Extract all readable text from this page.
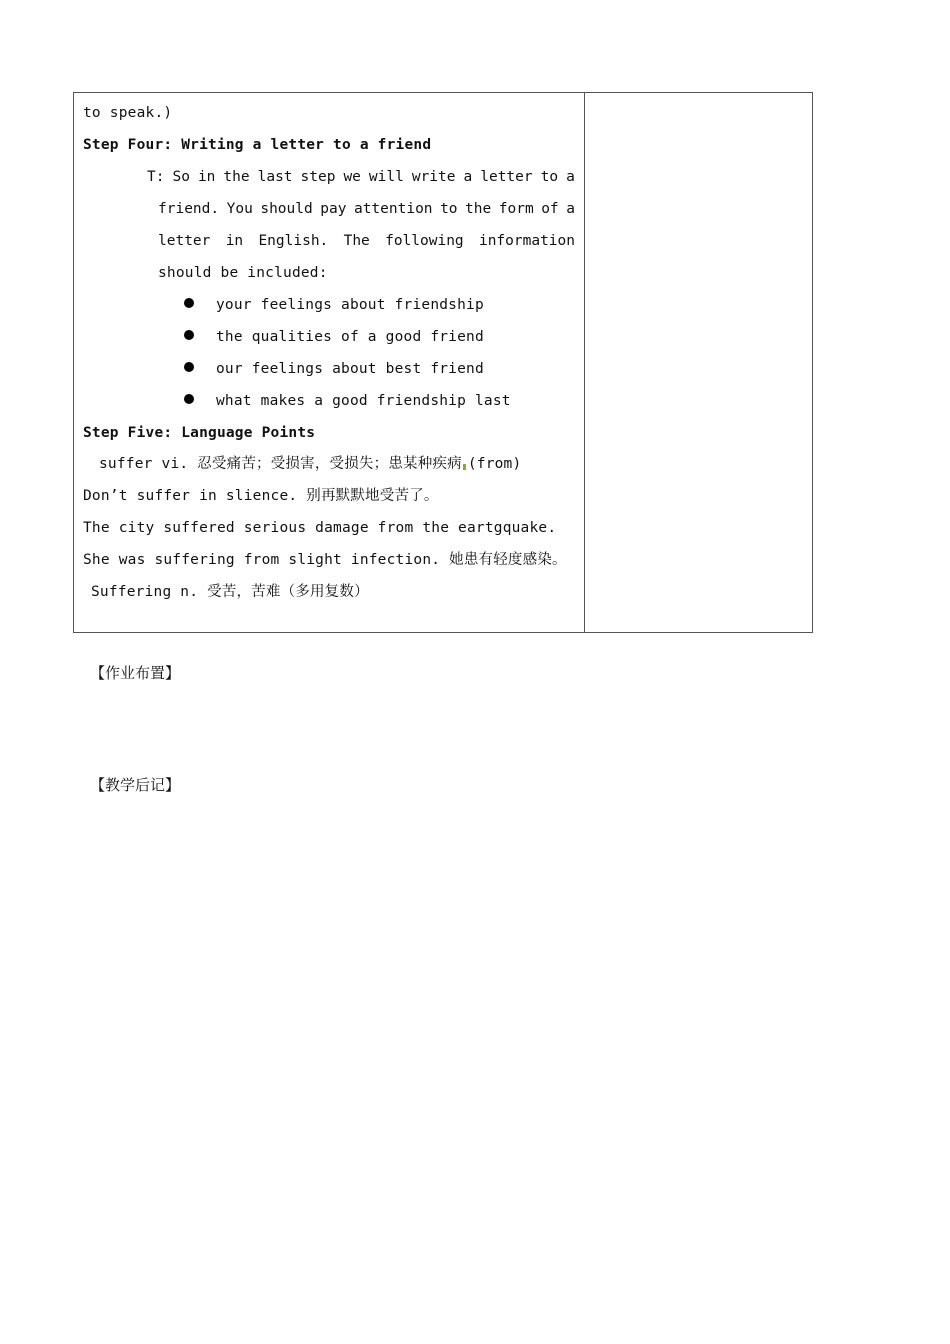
to speak.)
Step Four: Writing a letter to a friend
T: So in the last step we will write a letter to a
friend. You should pay attention to the form of a
letter in English. The following information
should be included:
your feelings about friendship
the qualities of a good friend
our feelings about best friend
what makes a good friendship last
Step Five: Language Points
suffer vi. 忍受痛苦；受损害，受损失；患某种疾病 (from)
Don’t suffer in slience. 别再默默地受苦了。
The city suffered serious damage from the eartgquake.
She was suffering from slight infection. 她患有轻度感染。
Suffering n. 受苦，苦难（多用复数）
【作业布置】
【教学后记】
